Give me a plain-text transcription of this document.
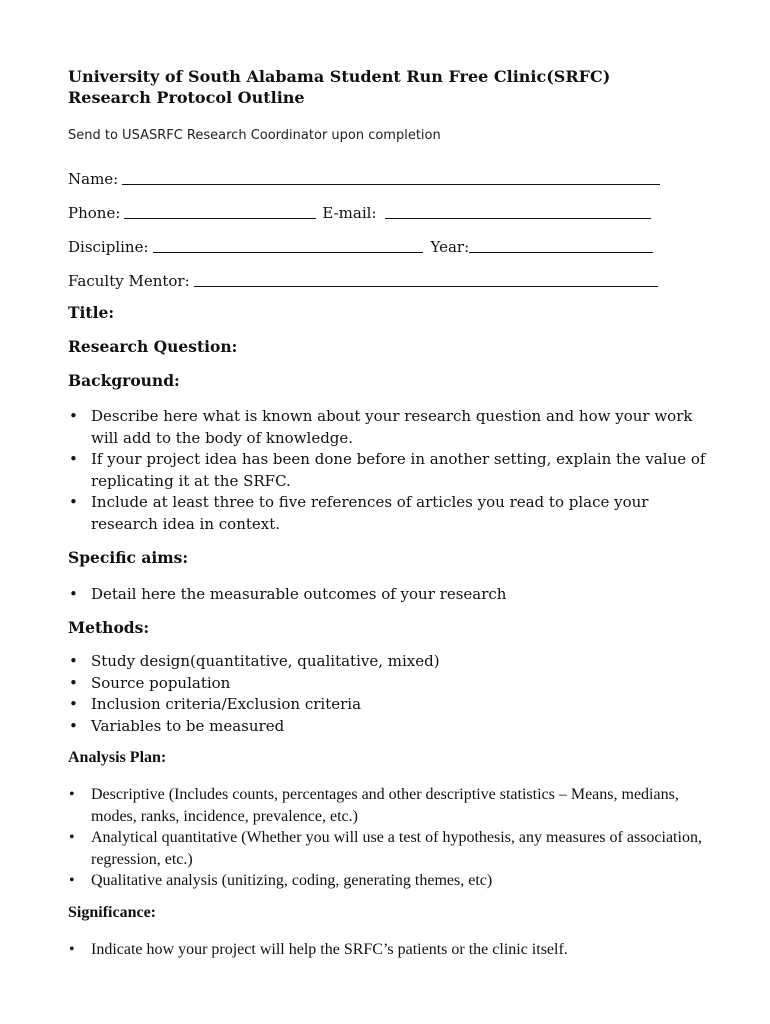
University of South Alabama Student Run Free Clinic(SRFC)
Research Protocol Outline
Send to USASRFC Research Coordinator upon completion
Name:
Phone:	E-mail:
Discipline:	Year:
Faculty Mentor:
Title:
Research Question:
Background:
• Describe here what is known about your research question and how your work will add to the body of knowledge.
• If your project idea has been done before in another setting, explain the value of replicating it at the SRFC.
• Include at least three to five references of articles you read to place your research idea in context.
Specific aims:
• Detail here the measurable outcomes of your research
Methods:
• Study design(quantitative, qualitative, mixed)
• Source population
• Inclusion criteria/Exclusion criteria
• Variables to be measured
Analysis Plan:
• Descriptive (Includes counts, percentages and other descriptive statistics – Means, medians, modes, ranks, incidence, prevalence, etc.)
• Analytical quantitative (Whether you will use a test of hypothesis, any measures of association, regression, etc.)
• Qualitative analysis (unitizing, coding, generating themes, etc)
Significance:
• Indicate how your project will help the SRFC’s patients or the clinic itself.
